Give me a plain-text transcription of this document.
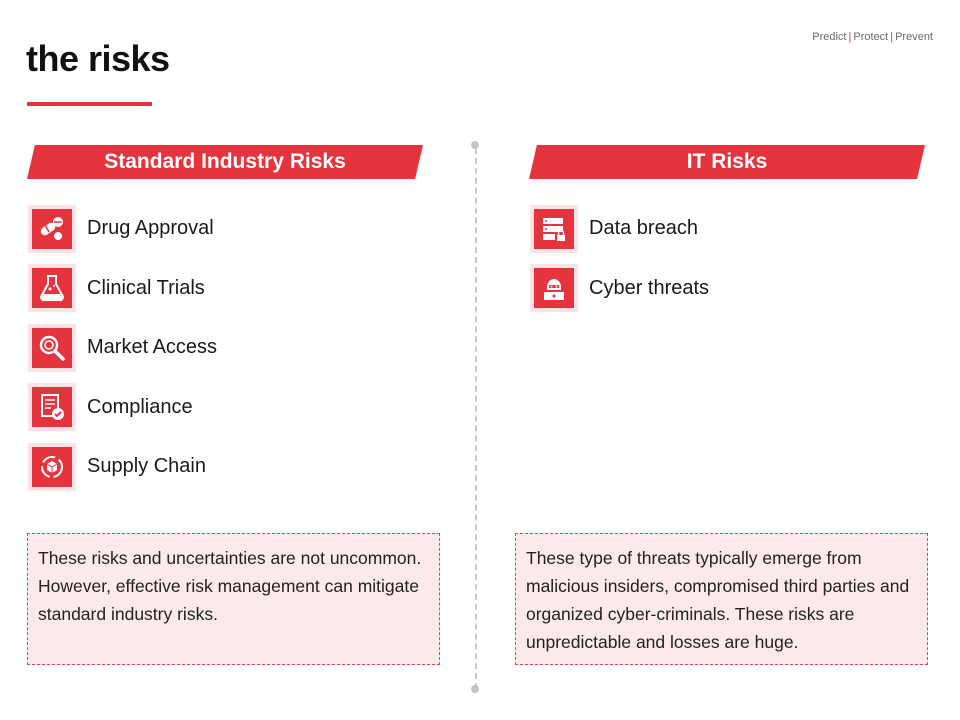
the risks
Predict | Protect | Prevent
Standard Industry Risks
Drug Approval
Clinical Trials
Market Access
Compliance
Supply Chain
These risks and uncertainties are not uncommon. However, effective risk management can mitigate standard industry risks.
IT Risks
Data breach
Cyber threats
These type of threats typically emerge from malicious insiders, compromised third parties and organized cyber-criminals. These risks are unpredictable and losses are huge.
